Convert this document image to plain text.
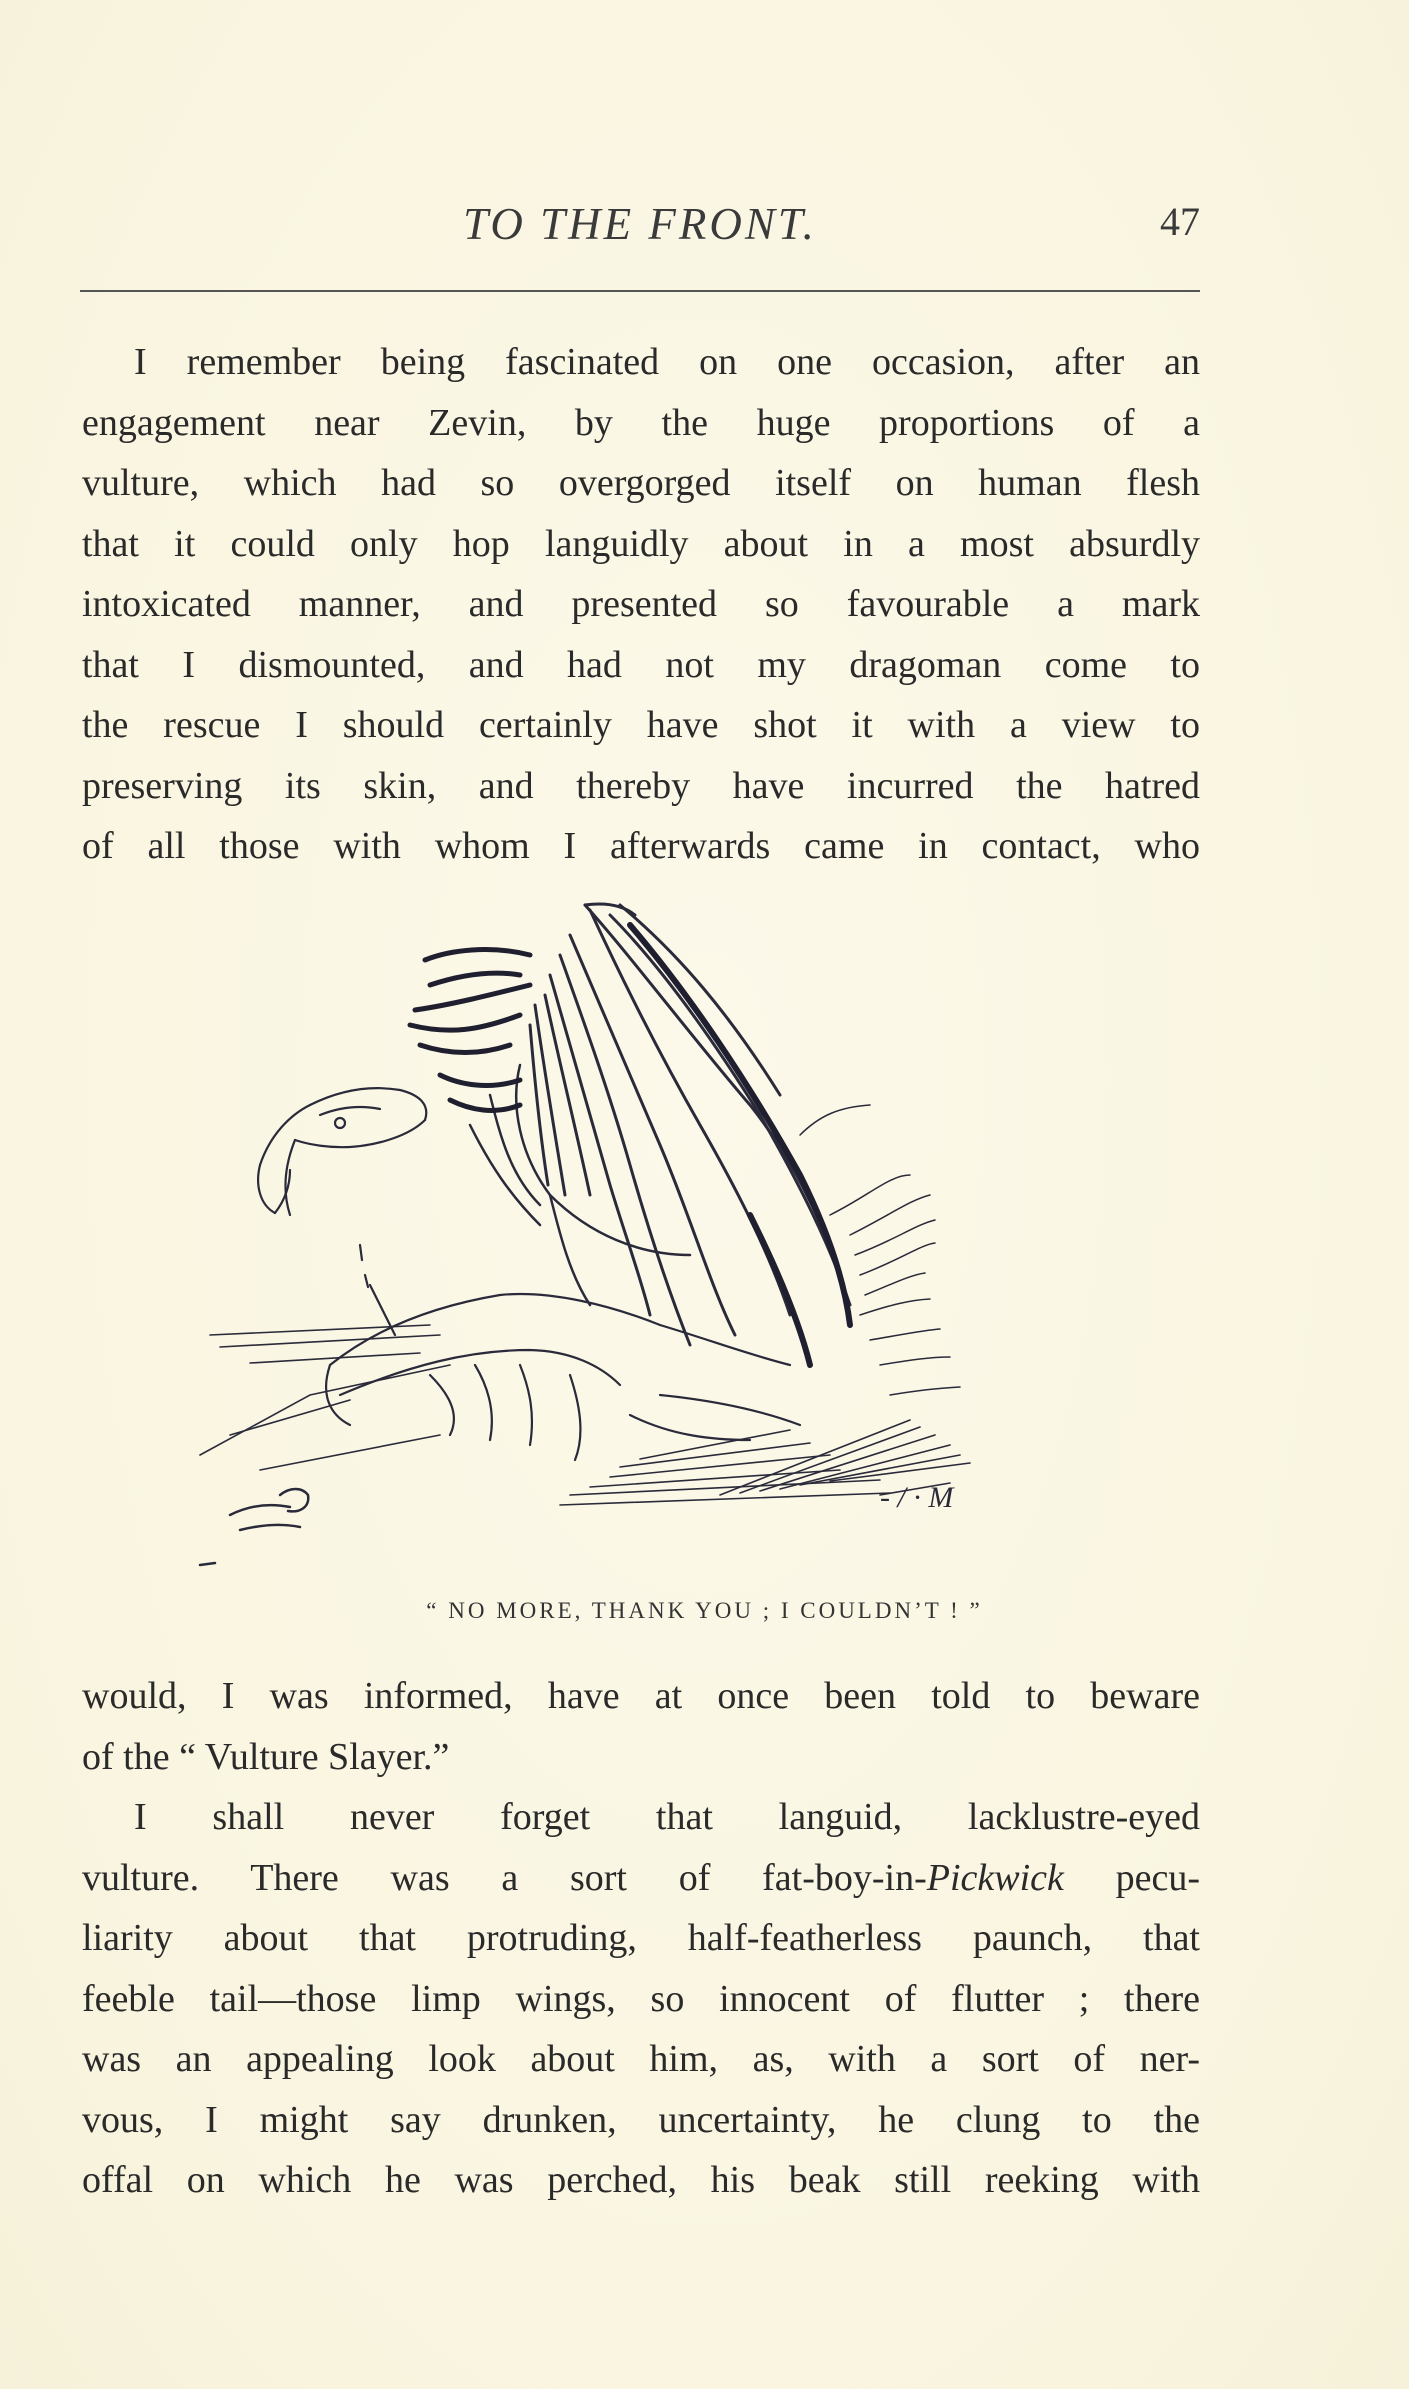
TO THE FRONT.	47
I remember being fascinated on one occasion, after an
engagement near Zevin, by the huge proportions of a
vulture, which had so overgorged itself on human flesh
that it could only hop languidly about in a most absurdly
intoxicated manner, and presented so favourable a mark
that I dismounted, and had not my dragoman come to
the rescue I should certainly have shot it with a view to
preserving its skin, and thereby have incurred the hatred
of all those with whom I afterwards came in contact, who
- / · M
“ NO MORE, THANK YOU ; I COULDN’T ! ”
would, I was informed, have at once been told to beware
of the “ Vulture Slayer.”
I shall never forget that languid, lacklustre-eyed
vulture. There was a sort of fat-boy-in-Pickwick pecu-
liarity about that protruding, half-featherless paunch, that
feeble tail—those limp wings, so innocent of flutter ; there
was an appealing look about him, as, with a sort of ner-
vous, I might say drunken, uncertainty, he clung to the
offal on which he was perched, his beak still reeking with
